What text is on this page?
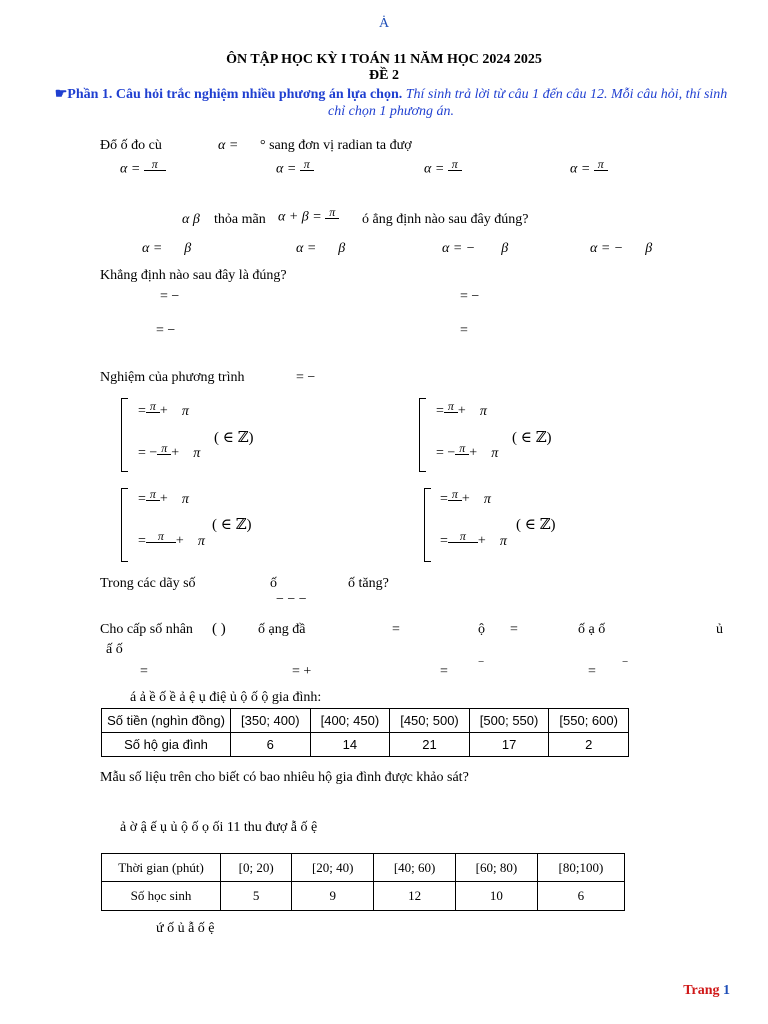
Ȧ
ÔN TẬP HỌC KỲ I TOÁN 11 NĂM HỌC 2024 2025
ĐỀ 2
☛Phần 1. Câu hỏi trắc nghiệm nhiều phương án lựa chọn. Thí sinh trả lời từ câu 1 đến câu 12. Mỗi câu hỏi, thí sinh chỉ chọn 1 phương án.
Đổ ố đo cù	α = ° sang đơn vị radian ta đượ
α = π	α = π	α = π	α = π
α β thỏa mãn α + β = π ó ẳng định nào sau đây đúng?
α = β	α = β	α = − β	α = − β
Khẳng định nào sau đây là đúng?
= −	= −
= −	=
Nghiệm của phương trình	= −
= π + π
( ∈ ℤ)
= − π + π
= π + π
( ∈ ℤ)
= − π + π
= π + π
( ∈ ℤ)
= π + π
= π + π
( ∈ ℤ)
= π + π
Trong các dãy số	ố	ố tăng?
− − −
Cho cấp số nhân ( ) ố ạng đầ	=	ộ =	ố ạ ố	ủ
ấ ố
=	= +	=
−
=
−
á ả ề ố ề ả ệ ụ điệ ủ ộ ố ộ gia đình:
Số tiền (nghìn đồng)	[350; 400)	[400; 450)	[450; 500)	[500; 550)	[550; 600)
Số hộ gia đình	6	14	21	17	2
Mẫu số liệu trên cho biết có bao nhiêu hộ gia đình được khảo sát?
ả ờ ậ ế ụ ủ ộ ố ọ ối 11 thu đượ ẫ ố ệ
Thời gian (phút)	[0; 20)	[20; 40)	[40; 60)	[60; 80)	[80;100)
Số học sinh	5	9	12	10	6
ứ ố ủ ẫ ố ệ
Trang 1
